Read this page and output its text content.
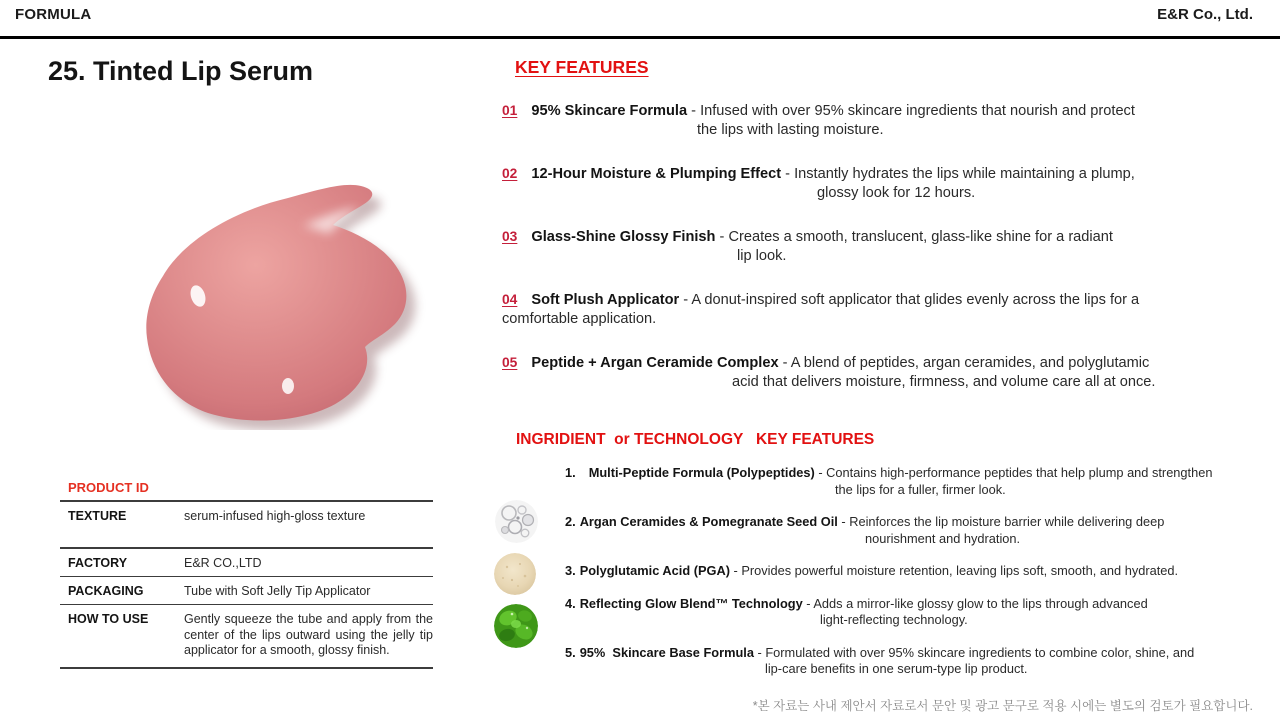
FORMULA	E&R Co., Ltd.
25. Tinted Lip Serum	KEY FEATURES
01 95% Skincare Formula - Infused with over 95% skincare ingredients that nourish and protect
the lips with lasting moisture.
02 12-Hour Moisture & Plumping Effect - Instantly hydrates the lips while maintaining a plump,
glossy look for 12 hours.
03 Glass-Shine Glossy Finish - Creates a smooth, translucent, glass-like shine for a radiant
lip look.
04 Soft Plush Applicator - A donut-inspired soft applicator that glides evenly across the lips for a
comfortable application.
05 Peptide + Argan Ceramide Complex - A blend of peptides, argan ceramides, and polyglutamic
acid that delivers moisture, firmness, and volume care all at once.
INGRIDIENT  or TECHNOLOGY   KEY FEATURES
1. Multi-Peptide Formula (Polypeptides) - Contains high-performance peptides that help plump and strengthen
the lips for a fuller, firmer look.
2. Argan Ceramides & Pomegranate Seed Oil - Reinforces the lip moisture barrier while delivering deep
nourishment and hydration.
3. Polyglutamic Acid (PGA) - Provides powerful moisture retention, leaving lips soft, smooth, and hydrated.
4. Reflecting Glow Blend™ Technology - Adds a mirror-like glossy glow to the lips through advanced
light-reflecting technology.
5. 95%  Skincare Base Formula - Formulated with over 95% skincare ingredients to combine color, shine, and
lip-care benefits in one serum-type lip product.
PRODUCT ID
TEXTURE	serum-infused high-gloss texture
FACTORY	E&R CO.,LTD
PACKAGING	Tube with Soft Jelly Tip Applicator
HOW TO USE	Gently squeeze the tube and apply from the center of the lips outward using the jelly tip applicator for a smooth, glossy finish.
*본 자료는 사내 제안서 자료로서 문안 및 광고 문구로 적용 시에는 별도의 검토가 필요합니다.
